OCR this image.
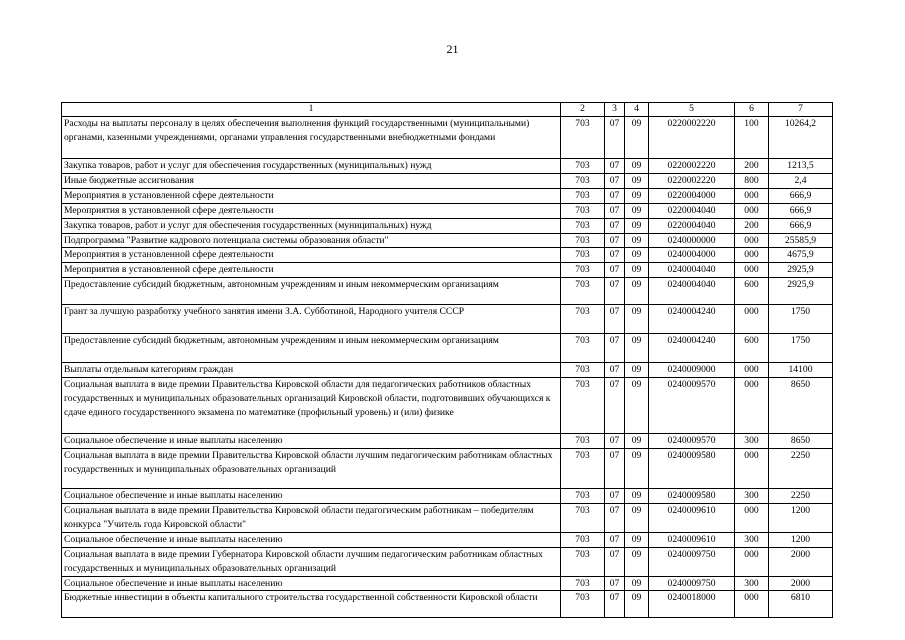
21
1	2	3	4	5	6	7
Расходы на выплаты персоналу в целях обеспечения выполнения функций государственными (муниципальными) органами, казенными учреждениями, органами управления государственными внебюджетными фондами	703	07	09	0220002220	100	10264,2
Закупка товаров, работ и услуг для обеспечения государственных (муниципальных) нужд	703	07	09	0220002220	200	1213,5
Иные бюджетные ассигнования	703	07	09	0220002220	800	2,4
Мероприятия в установленной сфере деятельности	703	07	09	0220004000	000	666,9
Мероприятия в установленной сфере деятельности	703	07	09	0220004040	000	666,9
Закупка товаров, работ и услуг для обеспечения государственных (муниципальных) нужд	703	07	09	0220004040	200	666,9
Подпрограмма "Развитие кадрового потенциала системы образования области"	703	07	09	0240000000	000	25585,9
Мероприятия в установленной сфере деятельности	703	07	09	0240004000	000	4675,9
Мероприятия в установленной сфере деятельности	703	07	09	0240004040	000	2925,9
Предоставление субсидий бюджетным, автономным учреждениям и иным некоммерческим организациям	703	07	09	0240004040	600	2925,9
Грант за лучшую разработку учебного занятия имени З.А. Субботиной, Народного учителя СССР	703	07	09	0240004240	000	1750
Предоставление субсидий бюджетным, автономным учреждениям и иным некоммерческим организациям	703	07	09	0240004240	600	1750
Выплаты отдельным категориям граждан	703	07	09	0240009000	000	14100
Социальная выплата в виде премии Правительства Кировской области для педагогических работников областных государственных и муниципальных образовательных организаций Кировской области, подготовивших обучающихся к сдаче единого государственного экзамена по математике (профильный уровень) и (или) физике	703	07	09	0240009570	000	8650
Социальное обеспечение и иные выплаты населению	703	07	09	0240009570	300	8650
Социальная выплата в виде премии Правительства Кировской области лучшим педагогическим работникам областных государственных и муниципальных образовательных организаций	703	07	09	0240009580	000	2250
Социальное обеспечение и иные выплаты населению	703	07	09	0240009580	300	2250
Социальная выплата в виде премии Правительства Кировской области педагогическим работникам – победителям конкурса "Учитель года Кировской области"	703	07	09	0240009610	000	1200
Социальное обеспечение и иные выплаты населению	703	07	09	0240009610	300	1200
Социальная выплата в виде премии Губернатора Кировской области лучшим педагогическим работникам областных государственных и муниципальных образовательных организаций	703	07	09	0240009750	000	2000
Социальное обеспечение и иные выплаты населению	703	07	09	0240009750	300	2000
Бюджетные инвестиции в объекты капитального строительства государственной собственности Кировской области	703	07	09	0240018000	000	6810
